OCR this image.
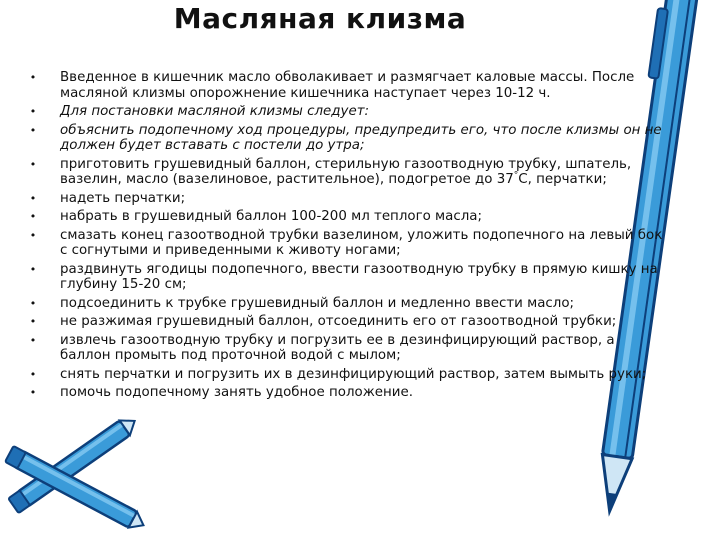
Масляная клизма
• Введенное в кишечник масло обволакивает и размягчает каловые массы. После масляной клизмы опорожнение кишечника наступает через 10-12 ч.
• Для постановки масляной клизмы следует:
• объяснить подопечному ход процедуры, предупредить его, что после клизмы он не должен будет вставать с постели до утра;
• приготовить грушевидный баллон, стерильную газоотводную трубку, шпатель, вазелин, масло (вазелиновое, растительное), подогретое до 37°С, перчатки;
• надеть перчатки;
• набрать в грушевидный баллон 100-200 мл теплого масла;
• смазать конец газоотводной трубки вазелином, уложить подопечного на левый бок с согнутыми и приведенными к животу ногами;
• раздвинуть ягодицы подопечного, ввести газоотводную трубку в прямую кишку на глубину 15-20 см;
• подсоединить к трубке грушевидный баллон и медленно ввести масло;
• не разжимая грушевидный баллон, отсоединить его от газоотводной трубки;
• извлечь газоотводную трубку и погрузить ее в дезинфицирующий раствор, а баллон промыть под проточной водой с мылом;
• снять перчатки и погрузить их в дезинфицирующий раствор, затем вымыть руки;
• помочь подопечному занять удобное положение.
